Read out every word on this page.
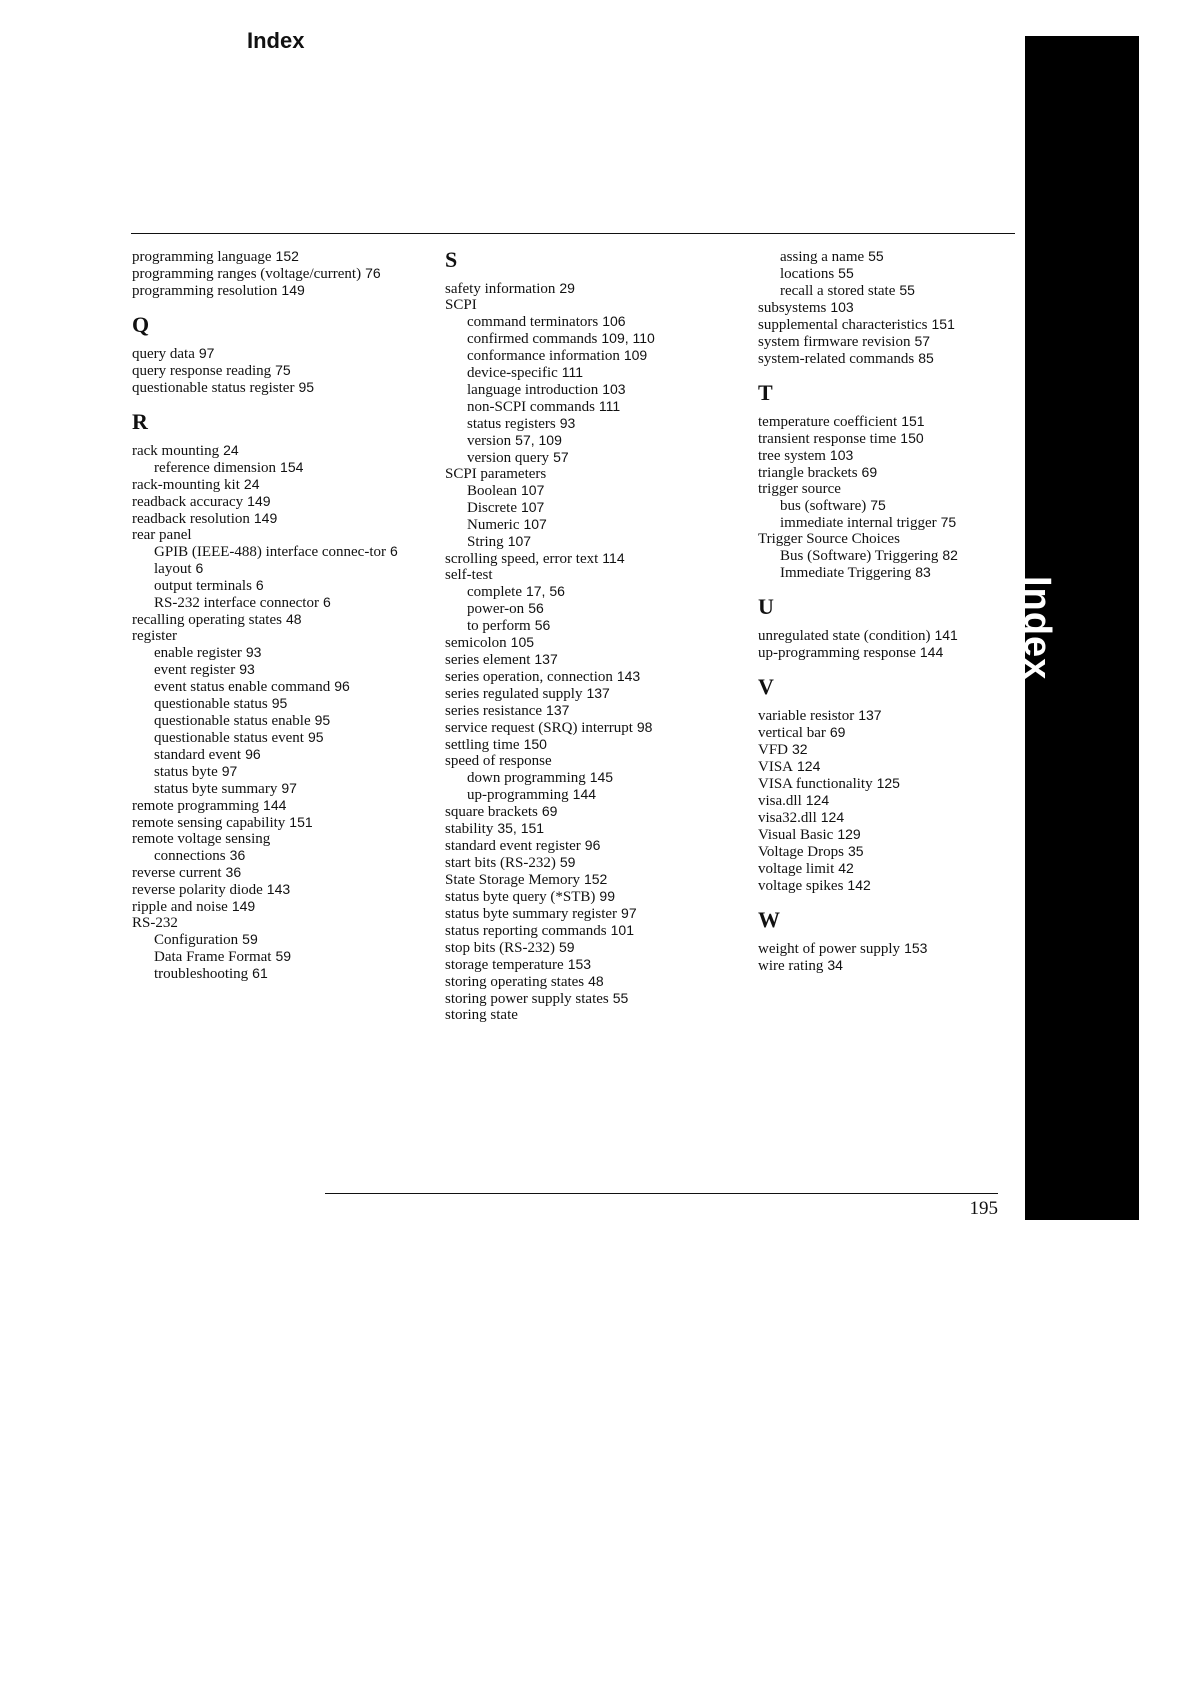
Index
programming language 152
programming ranges (voltage/current) 76
programming resolution 149
Q
query data 97
query response reading 75
questionable status register 95
R
rack mounting 24
reference dimension 154
rack-mounting kit 24
readback accuracy 149
readback resolution 149
rear panel
GPIB (IEEE-488) interface connec-tor 6
layout 6
output terminals 6
RS-232 interface connector 6
recalling operating states 48
register
enable register 93
event register 93
event status enable command 96
questionable status 95
questionable status enable 95
questionable status event 95
standard event 96
status byte 97
status byte summary 97
remote programming 144
remote sensing capability 151
remote voltage sensing
connections 36
reverse current 36
reverse polarity diode 143
ripple and noise 149
RS-232
Configuration 59
Data Frame Format 59
troubleshooting 61
S
safety information 29
SCPI
command terminators 106
confirmed commands 109, 110
conformance information 109
device-specific 111
language introduction 103
non-SCPI commands 111
status registers 93
version 57, 109
version query 57
SCPI parameters
Boolean 107
Discrete 107
Numeric 107
String 107
scrolling speed, error text 114
self-test
complete 17, 56
power-on 56
to perform 56
semicolon 105
series element 137
series operation, connection 143
series regulated supply 137
series resistance 137
service request (SRQ) interrupt 98
settling time 150
speed of response
down programming 145
up-programming 144
square brackets 69
stability 35, 151
standard event register 96
start bits (RS-232) 59
State Storage Memory 152
status byte query (*STB) 99
status byte summary register 97
status reporting commands 101
stop bits (RS-232) 59
storage temperature 153
storing operating states 48
storing power supply states 55
storing state
assing a name 55
locations 55
recall a stored state 55
subsystems 103
supplemental characteristics 151
system firmware revision 57
system-related commands 85
T
temperature coefficient 151
transient response time 150
tree system 103
triangle brackets 69
trigger source
bus (software) 75
immediate internal trigger 75
Trigger Source Choices
Bus (Software) Triggering 82
Immediate Triggering 83
U
unregulated state (condition) 141
up-programming response 144
V
variable resistor 137
vertical bar 69
VFD 32
VISA 124
VISA functionality 125
visa.dll 124
visa32.dll 124
Visual Basic 129
Voltage Drops 35
voltage limit 42
voltage spikes 142
W
weight of power supply 153
wire rating 34
195
Index
